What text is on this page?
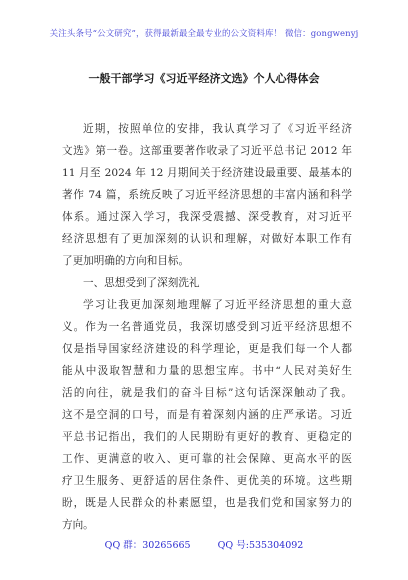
关注头条号“公文研究”，获得最新最全最专业的公文资料库！ 微信：gongwenyj
一般干部学习《习近平经济文选》个人心得体会
近期，按照单位的安排，我认真学习了《习近平经济
文选》第一卷。这部重要著作收录了习近平总书记 2012 年
11 月至 2024 年 12 月期间关于经济建设最重要、最基本的
著作 74 篇，系统反映了习近平经济思想的丰富内涵和科学
体系。通过深入学习，我深受震撼、深受教育，对习近平
经济思想有了更加深刻的认识和理解，对做好本职工作有
了更加明确的方向和目标。
一、思想受到了深刻洗礼
学习让我更加深刻地理解了习近平经济思想的重大意
义。作为一名普通党员，我深切感受到习近平经济思想不
仅是指导国家经济建设的科学理论，更是我们每一个人都
能从中汲取智慧和力量的思想宝库。书中“人民对美好生
活的向往，就是我们的奋斗目标”这句话深深触动了我。
这不是空洞的口号，而是有着深刻内涵的庄严承诺。习近
平总书记指出，我们的人民期盼有更好的教育、更稳定的
工作、更满意的收入、更可靠的社会保障、更高水平的医
疗卫生服务、更舒适的居住条件、更优美的环境。这些期
盼，既是人民群众的朴素愿望，也是我们党和国家努力的
方向。
QQ 群：30265665	QQ 号:535304092
